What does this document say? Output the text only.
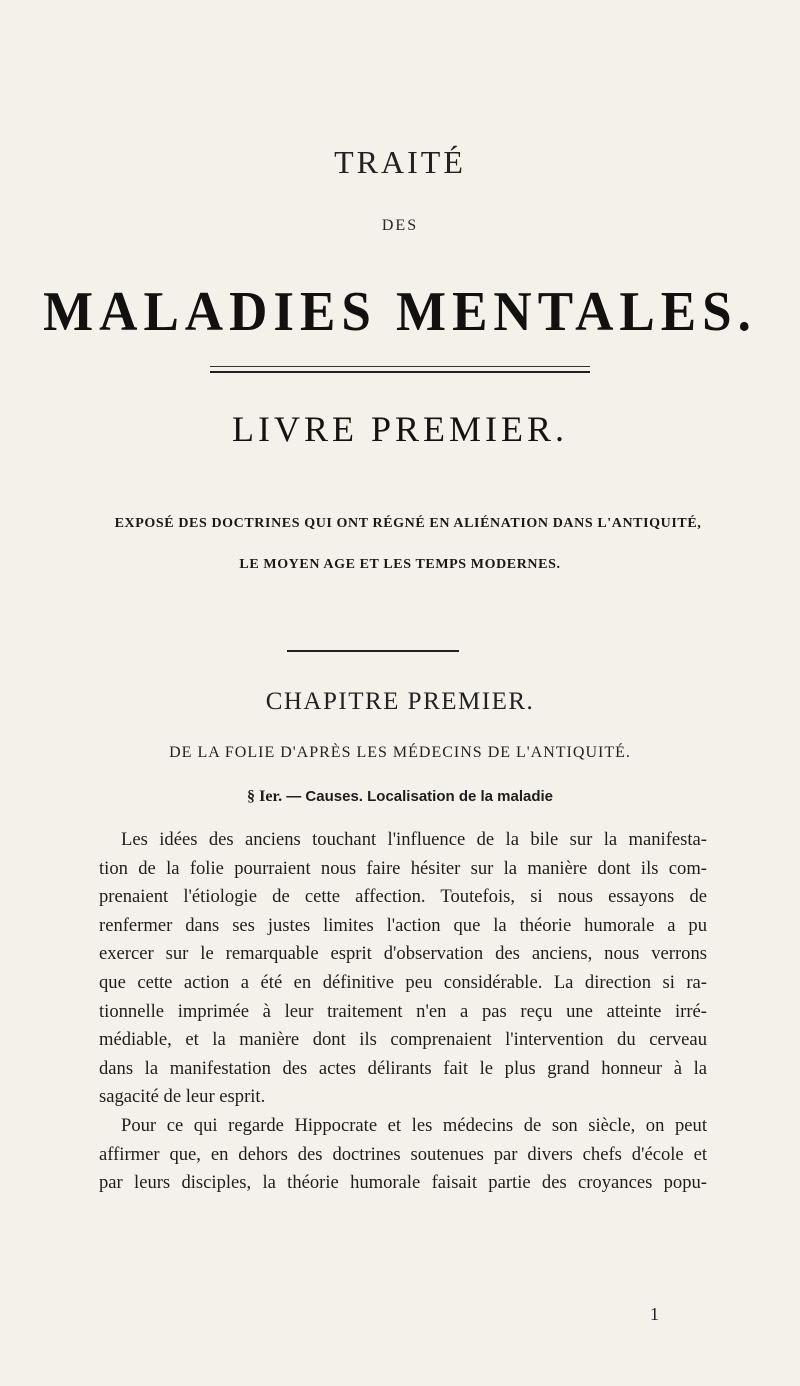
TRAITÉ
DES
MALADIES MENTALES.
LIVRE PREMIER.
EXPOSÉ DES DOCTRINES QUI ONT RÉGNÉ EN ALIÉNATION DANS L'ANTIQUITÉ,
LE MOYEN AGE ET LES TEMPS MODERNES.
CHAPITRE PREMIER.
DE LA FOLIE D'APRÈS LES MÉDECINS DE L'ANTIQUITÉ.
§ Ier. — Causes. Localisation de la maladie
Les idées des anciens touchant l'influence de la bile sur la manifesta-
tion de la folie pourraient nous faire hésiter sur la manière dont ils com-
prenaient l'étiologie de cette affection. Toutefois, si nous essayons de
renfermer dans ses justes limites l'action que la théorie humorale a pu
exercer sur le remarquable esprit d'observation des anciens, nous verrons
que cette action a été en définitive peu considérable. La direction si ra-
tionnelle imprimée à leur traitement n'en a pas reçu une atteinte irré-
médiable, et la manière dont ils comprenaient l'intervention du cerveau
dans la manifestation des actes délirants fait le plus grand honneur à la
sagacité de leur esprit.
Pour ce qui regarde Hippocrate et les médecins de son siècle, on peut
affirmer que, en dehors des doctrines soutenues par divers chefs d'école et
par leurs disciples, la théorie humorale faisait partie des croyances popu-
1
